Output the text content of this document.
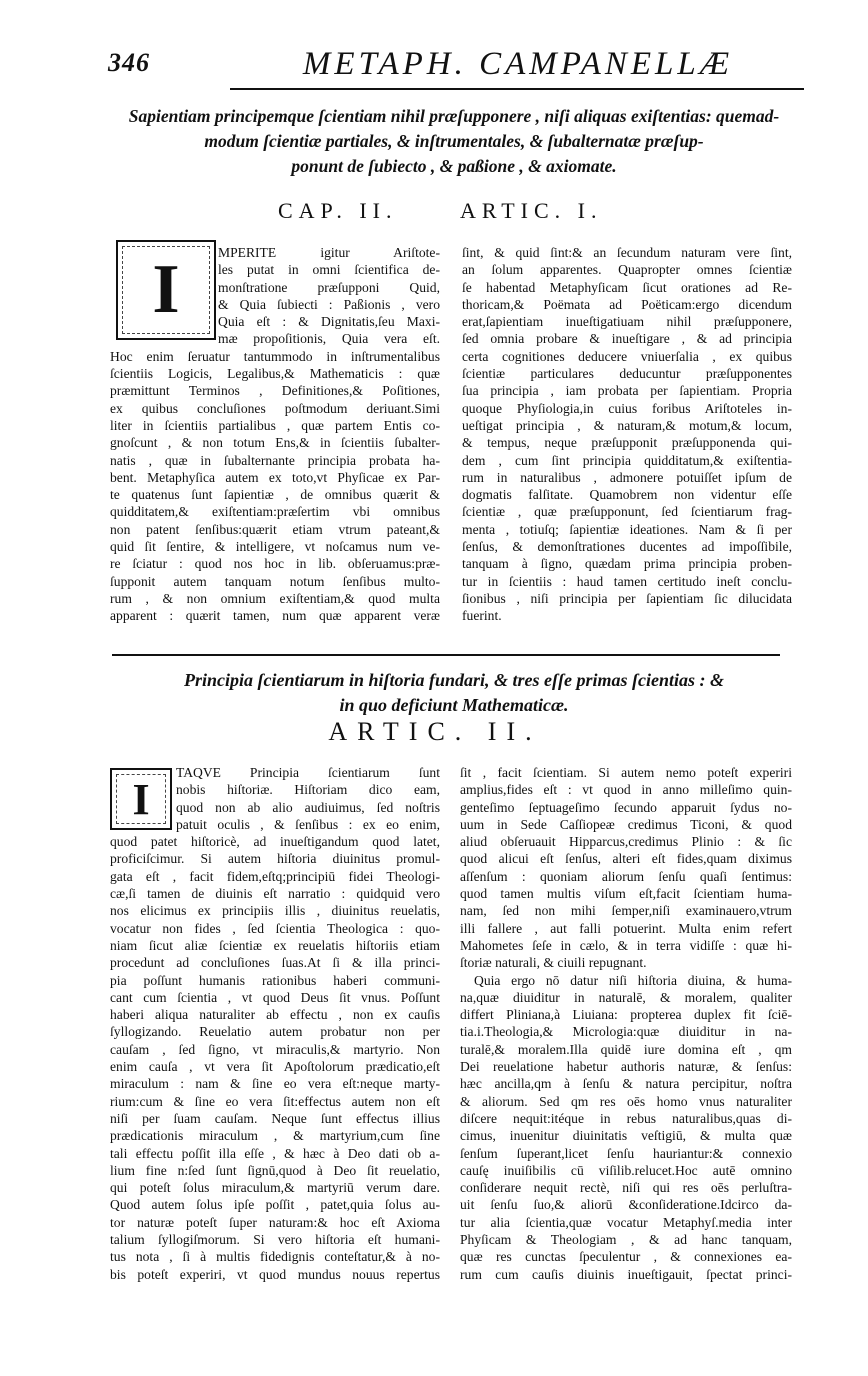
346	METAPH. CAMPANELLÆ
Sapientiam principemque ſcientiam nihil præſupponere , niſi aliquas exiſtentias: quemad-
modum ſcientiæ partiales, & inſtrumentales, & ſubalternatæ præſup-
ponunt de ſubiecto , & paßione , & axiomate.
CAP. II.	ARTIC. I.
I	MPERITE igitur Ariſtote-
les putat in omni ſcientifica de-
monſtratione præſupponi Quid,
& Quia ſubiecti : Paßionis , vero
Quia eſt : & Dignitatis,ſeu Maxi-
mæ propoſitionis, Quia vera eſt.
Hoc enim ſeruatur tantummodo in inſtrumentalibus
ſcientiis Logicis, Legalibus,& Mathematicis : quæ
præmittunt Terminos , Definitiones,& Poſitiones,
ex quibus concluſiones poſtmodum deriuant.Simi
liter in ſcientiis partialibus , quæ partem Entis co-
gnoſcunt , & non totum Ens,& in ſcientiis ſubalter-
natis , quæ in ſubalternante principia probata ha-
bent. Metaphyſica autem ex toto,vt Phyſicae ex Par-
te quatenus ſunt ſapientiæ , de omnibus quærit &
quidditatem,& exiſtentiam:præſertim vbi omnibus
non patent ſenſibus:quærit etiam vtrum pateant,&
quid ſit ſentire, & intelligere, vt noſcamus num ve-
re ſciatur : quod nos hoc in lib. obſeruamus:præ-
ſupponit autem tanquam notum ſenſibus multo-
rum , & non omnium exiſtentiam,& quod multa
apparent : quærit tamen, num quæ apparent veræ
ſint, & quid ſint:& an ſecundum naturam vere ſint,
an ſolum apparentes. Quapropter omnes ſcientiæ
ſe habentad Metaphyſicam ſicut orationes ad Re-
thoricam,& Poëmata ad Poëticam:ergo dicendum
erat,ſapientiam inueſtigatiuam nihil præſupponere,
ſed omnia probare & inueſtigare , & ad principia
certa cognitiones deducere vniuerſalia , ex quibus
ſcientiæ particulares deducuntur præſupponentes
ſua principia , iam probata per ſapientiam. Propria
quoque Phyſiologia,in cuius foribus Ariſtoteles in-
ueſtigat principia , & naturam,& motum,& locum,
& tempus, neque præſupponit præſupponenda qui-
dem , cum ſint principia quidditatum,& exiſtentia-
rum in naturalibus , admonere potuiſſet ipſum de
dogmatis falſitate. Quamobrem non videntur eſſe
ſcientiæ , quæ præſupponunt, ſed ſcientiarum frag-
menta , totiuſq; ſapientiæ ideationes. Nam & ſi per
ſenſus, & demonſtrationes ducentes ad impoſſibile,
tanquam à ſigno, quædam prima principia proben-
tur in ſcientiis : haud tamen certitudo ineſt conclu-
ſionibus , niſi principia per ſapientiam ſic dilucidata
fuerint.
Principia ſcientiarum in hiſtoria fundari, & tres eſſe primas ſcientias : &
in quo deficiunt Mathematicæ.
ARTIC. II.
I
TAQVE Principia ſcientiarum ſunt
nobis hiſtoriæ. Hiſtoriam dico eam,
quod non ab alio audiuimus, ſed noſtris
patuit oculis , & ſenſibus : ex eo enim,
quod patet hiſtoricè, ad inueſtigandum quod latet,
proficiſcimur. Si autem hiſtoria diuinitus promul-
gata eſt , facit fidem,eſtq;principiū fidei Theologi-
cæ,ſi tamen de diuinis eſt narratio : quidquid vero
nos elicimus ex principiis illis , diuinitus reuelatis,
vocatur non fides , ſed ſcientia Theologica : quo-
niam ſicut aliæ ſcientiæ ex reuelatis hiſtoriis etiam
procedunt ad concluſiones ſuas.At ſi & illa princi-
pia poſſunt humanis rationibus haberi communi-
cant cum ſcientia , vt quod Deus ſit vnus. Poſſunt
haberi aliqua naturaliter ab effectu , non ex cauſis
ſyllogizando. Reuelatio autem probatur non per
cauſam , ſed ſigno, vt miraculis,& martyrio. Non
enim cauſa , vt vera ſit Apoſtolorum prædicatio,eſt
miraculum : nam & ſine eo vera eſt:neque marty-
rium:cum & ſine eo vera ſit:effectus autem non eſt
niſi per ſuam cauſam. Neque ſunt effectus illius
prædicationis miraculum , & martyrium,cum ſine
tali effectu poſſit illa eſſe , & hæc à Deo dati ob a-
lium fine n:ſed ſunt ſignū,quod à Deo ſit reuelatio,
qui poteſt ſolus miraculum,& martyriū verum dare.
Quod autem ſolus ipſe poſſit , patet,quia ſolus au-
tor naturæ poteſt ſuper naturam:& hoc eſt Axioma
talium ſyllogiſmorum. Si vero hiſtoria eſt humani-
tus nota , ſi à multis fidedignis conteſtatur,& à no-
bis poteſt experiri, vt quod mundus nouus repertus
ſit , facit ſcientiam. Si autem nemo poteſt experiri
amplius,fides eſt : vt quod in anno milleſimo quin-
genteſimo ſeptuageſimo ſecundo apparuit ſydus no-
uum in Sede Caſſiopeæ credimus Ticoni, & quod
aliud obſeruauit Hipparcus,credimus Plinio : & ſic
quod alicui eſt ſenſus, alteri eſt fides,quam diximus
aſſenſum : quoniam aliorum ſenſu quaſi ſentimus:
quod tamen multis viſum eſt,facit ſcientiam huma-
nam, ſed non mihi ſemper,niſi examinauero,vtrum
illi fallere , aut falli potuerint. Multa enim refert
Mahometes ſeſe in cælo, & in terra vidiſſe : quæ hi-
ſtoriæ naturali, & ciuili repugnant.
Quia ergo nō datur niſi hiſtoria diuina, & huma-
na,quæ diuiditur in naturalē, & moralem, qualiter
differt Pliniana,à Liuiana: propterea duplex fit ſciē-
tia.i.Theologia,& Micrologia:quæ diuiditur in na-
turalē,& moralem.Illa quidē iure domina eſt , qm
Dei reuelatione habetur authoris naturæ, & ſenſus:
hæc ancilla,qm à ſenſu & natura percipitur, noſtra
& aliorum. Sed qm res oēs homo vnus naturaliter
diſcere nequit:itéque in rebus naturalibus,quas di-
cimus, inuenitur diuinitatis veſtigiū, & multa quæ
ſenſum ſuperant,licet ſenſu hauriantur:& connexio
cauſę inuiſibilis cū viſilib.relucet.Hoc autē omnino
conſiderare nequit rectè, niſi qui res oēs perluſtra-
uit ſenſu ſuo,& aliorū &conſideratione.Idcirco da-
tur alia ſcientia,quæ vocatur Metaphyſ.media inter
Phyſicam & Theologiam , & ad hanc tanquam,
quæ res cunctas ſpeculentur , & connexiones ea-
rum cum cauſis diuinis inueſtigauit, ſpectat princi-
